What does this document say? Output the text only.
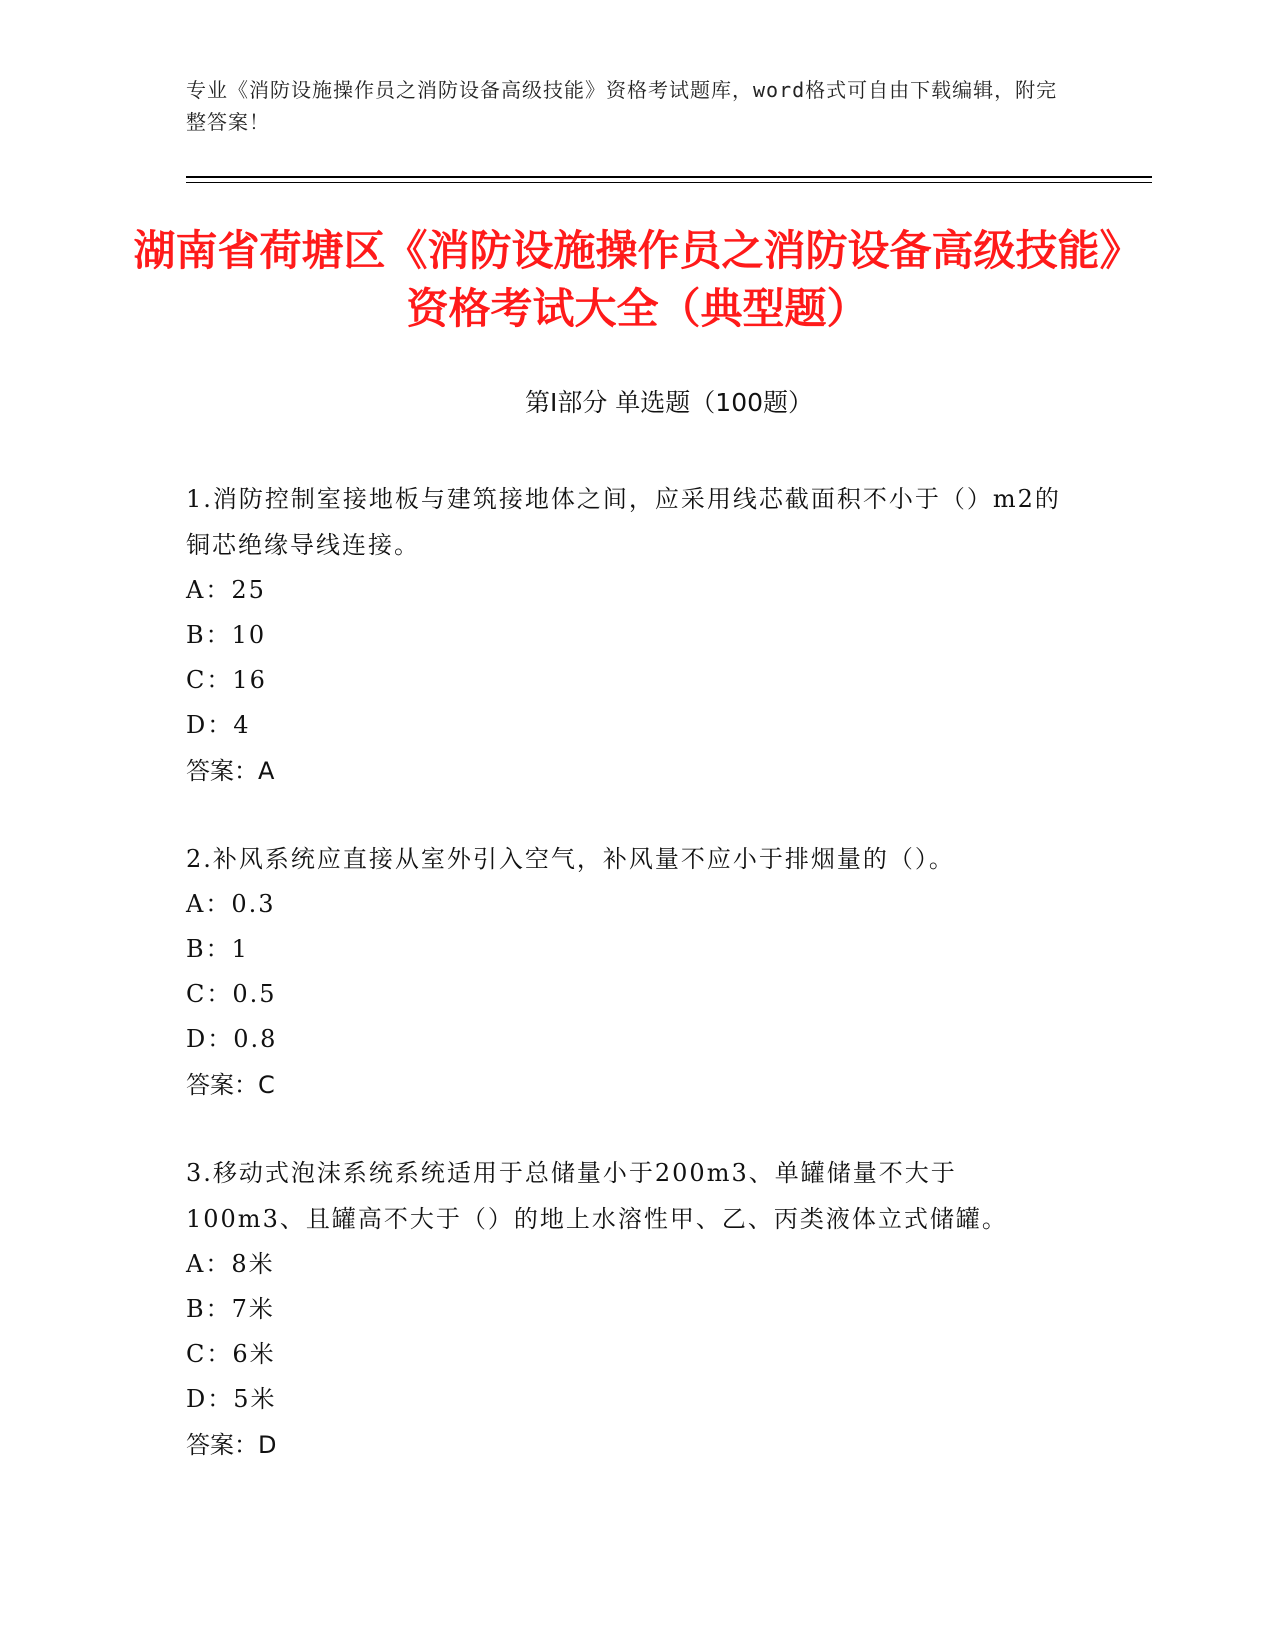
专业《消防设施操作员之消防设备高级技能》资格考试题库，word格式可自由下载编辑，附完整答案！
湖南省荷塘区《消防设施操作员之消防设备高级技能》资格考试大全（典型题）
第Ⅰ部分 单选题（100题）
1.消防控制室接地板与建筑接地体之间，应采用线芯截面积不小于（）m2的铜芯绝缘导线连接。
A：25
B：10
C：16
D：4
答案：A
2.补风系统应直接从室外引入空气，补风量不应小于排烟量的（）。
A：0.3
B：1
C：0.5
D：0.8
答案：C
3.移动式泡沫系统系统适用于总储量小于200m3、单罐储量不大于100m3、且罐高不大于（）的地上水溶性甲、乙、丙类液体立式储罐。
A：8米
B：7米
C：6米
D：5米
答案：D
